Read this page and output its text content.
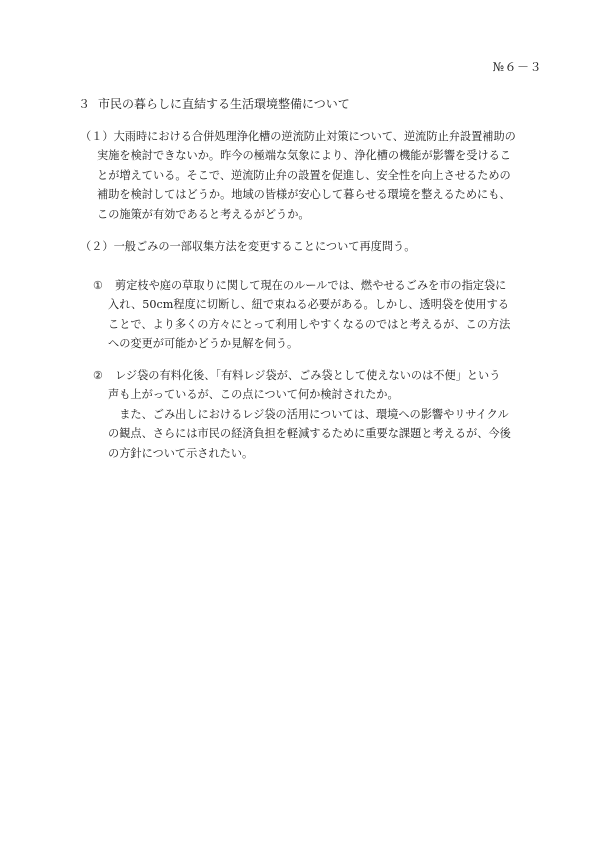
№６－３
３ 市民の暮らしに直結する生活環境整備について
（１）大雨時における合併処理浄化槽の逆流防止対策について、逆流防止弁設置補助の
実施を検討できないか。昨今の極端な気象により、浄化槽の機能が影響を受けるこ
とが増えている。そこで、逆流防止弁の設置を促進し、安全性を向上させるための
補助を検討してはどうか。地域の皆様が安心して暮らせる環境を整えるためにも、
この施策が有効であると考えるがどうか。
（２）一般ごみの一部収集方法を変更することについて再度問う。
① 剪定枝や庭の草取りに関して現在のルールでは、燃やせるごみを市の指定袋に
入れ、50cm程度に切断し、紐で束ねる必要がある。しかし、透明袋を使用する
ことで、より多くの方々にとって利用しやすくなるのではと考えるが、この方法
への変更が可能かどうか見解を伺う。
② レジ袋の有料化後、「有料レジ袋が、ごみ袋として使えないのは不便」という
声も上がっているが、この点について何か検討されたか。
　また、ごみ出しにおけるレジ袋の活用については、環境への影響やリサイクル
の観点、さらには市民の経済負担を軽減するために重要な課題と考えるが、今後
の方針について示されたい。
